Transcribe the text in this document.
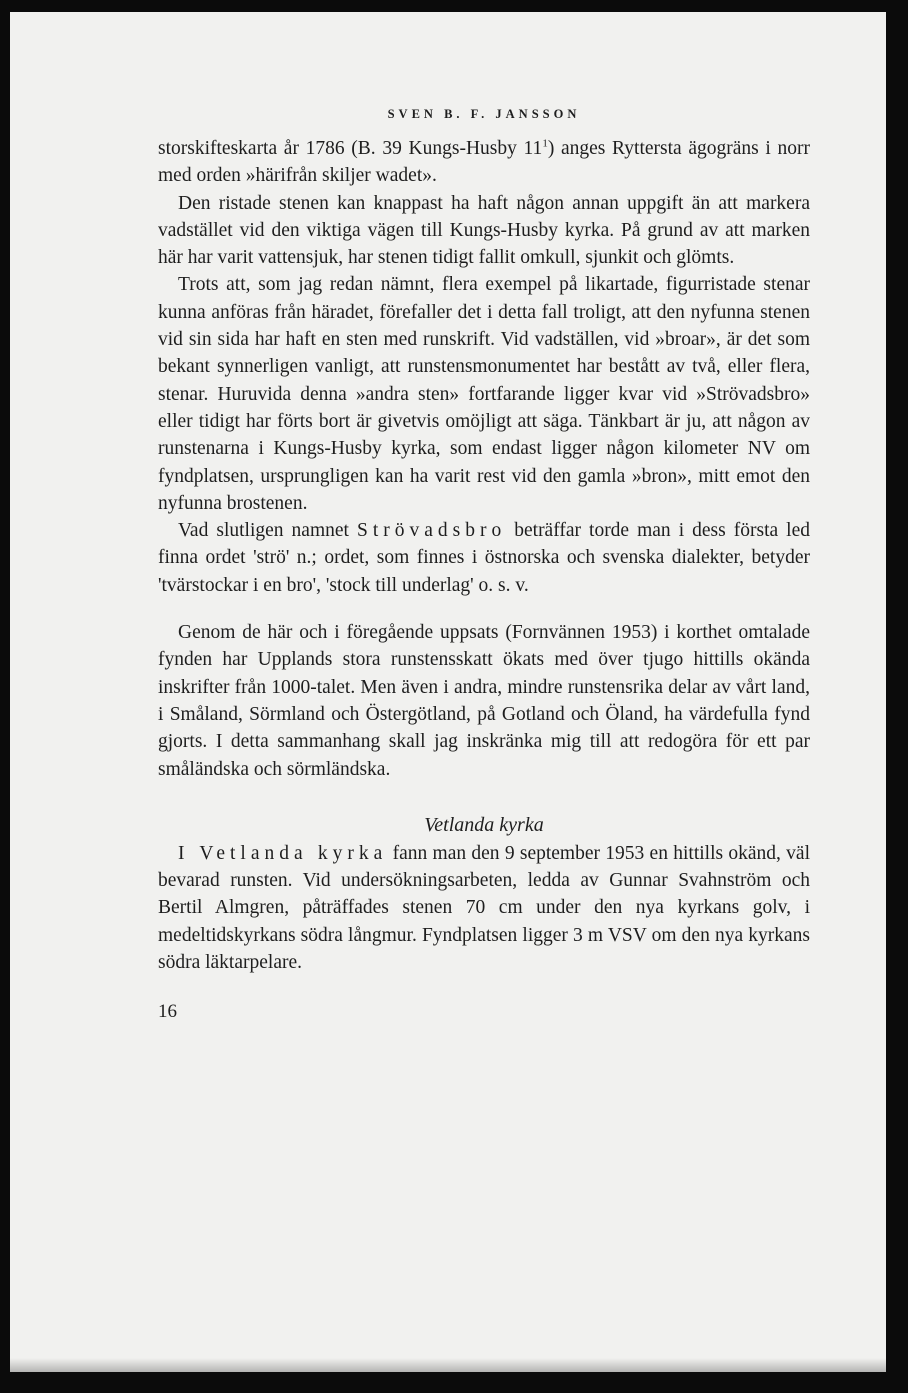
SVEN B. F. JANSSON

storskifteskarta år 1786 (B. 39 Kungs-Husby $11^1$) anges Ryttersta ägogräns i norr med orden »härifrån skiljer wadet».

Den ristade stenen kan knappast ha haft någon annan uppgift än att markera vadstället vid den viktiga vägen till Kungs-Husby kyrka. På grund av att marken här har varit vattensjuk, har stenen tidigt fallit omkull, sjunkit och glömts.

Trots att, som jag redan nämnt, flera exempel på likartade, figurristade stenar kunna anföras från häradet, förefaller det i detta fall troligt, att den nyfunna stenen vid sin sida har haft en sten med runskrift. Vid vadställen, vid »broar», är det som bekant synnerligen vanligt, att runstensmonumentet har bestått av två, eller flera, stenar. Huruvida denna »andra sten» fortfarande ligger kvar vid »Strövadsbro» eller tidigt har förts bort är givetvis omöjligt att säga. Tänkbart är ju, att någon av runstenarna i Kungs-Husby kyrka, som endast ligger någon kilometer NV om fyndplatsen, ursprungligen kan ha varit rest vid den gamla »bron», mitt emot den nyfunna brostenen.

Vad slutligen namnet Strövadsbro beträffar torde man i dess första led finna ordet 'strö' n.; ordet, som finnes i östnorska och svenska dialekter, betyder 'tvärstockar i en bro', 'stock till underlag' o. s. v.

Genom de här och i föregående uppsats (Fornvännen 1953) i korthet omtalade fynden har Upplands stora runstensskatt ökats med över tjugo hittills okända inskrifter från 1000-talet. Men även i andra, mindre runstensrika delar av vårt land, i Småland, Sörmland och Östergötland, på Gotland och Öland, ha värdefulla fynd gjorts. I detta sammanhang skall jag inskränka mig till att redogöra för ett par småländska och sörmländska.

Vetlanda kyrka

I Vetlanda kyrka fann man den 9 september 1953 en hittills okänd, väl bevarad runsten. Vid undersökningsarbeten, ledda av Gunnar Svahnström och Bertil Almgren, påträffades stenen 70 cm under den nya kyrkans golv, i medeltidskyrkans södra långmur. Fyndplatsen ligger 3 m VSV om den nya kyrkans södra läktarpelare.

16
